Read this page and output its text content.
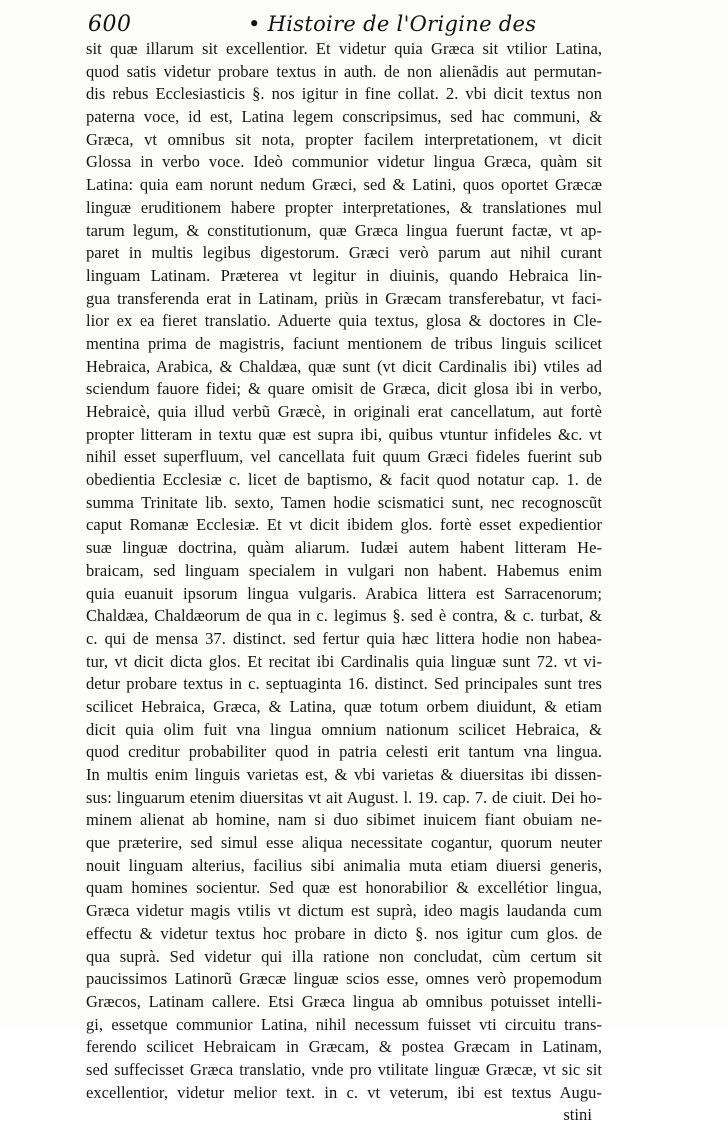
600	• Histoire de l'Origine des
sit quæ illarum sit excellentior. Et videtur quia Græca sit vtilior Latina,
quod satis videtur probare textus in auth. de non alienãdis aut permutan-
dis rebus Ecclesiasticis §. nos igitur in fine collat. 2. vbi dicit textus non
paterna voce, id est, Latina legem conscripsimus, sed hac communi, &
Græca, vt omnibus sit nota, propter facilem interpretationem, vt dicit
Glossa in verbo voce. Ideò communior videtur lingua Græca, quàm sit
Latina: quia eam norunt nedum Græci, sed & Latini, quos oportet Græcæ
linguæ eruditionem habere propter interpretationes, & translationes mul
tarum legum, & constitutionum, quæ Græca lingua fuerunt factæ, vt ap-
paret in multis legibus digestorum. Græci verò parum aut nihil curant
linguam Latinam. Præterea vt legitur in diuinis, quando Hebraica lin-
gua transferenda erat in Latinam, priùs in Græcam transferebatur, vt faci-
lior ex ea fieret translatio. Aduerte quia textus, glosa & doctores in Cle-
mentina prima de magistris, faciunt mentionem de tribus linguis scilicet
Hebraica, Arabica, & Chaldæa, quæ sunt (vt dicit Cardinalis ibi) vtiles ad
sciendum fauore fidei; & quare omisit de Græca, dicit glosa ibi in verbo,
Hebraicè, quia illud verbũ Græcè, in originali erat cancellatum, aut fortè
propter litteram in textu quæ est supra ibi, quibus vtuntur infideles &c. vt
nihil esset superfluum, vel cancellata fuit quum Græci fideles fuerint sub
obedientia Ecclesiæ c. licet de baptismo, & facit quod notatur cap. 1. de
summa Trinitate lib. sexto, Tamen hodie scismatici sunt, nec recognoscũt
caput Romanæ Ecclesiæ. Et vt dicit ibidem glos. fortè esset expedientior
suæ linguæ doctrina, quàm aliarum. Iudæi autem habent litteram He-
braicam, sed linguam specialem in vulgari non habent. Habemus enim
quia euanuit ipsorum lingua vulgaris. Arabica littera est Sarracenorum;
Chaldæa, Chaldæorum de qua in c. legimus §. sed è contra, & c. turbat, &
c. qui de mensa 37. distinct. sed fertur quia hæc littera hodie non habea-
tur, vt dicit dicta glos. Et recitat ibi Cardinalis quia linguæ sunt 72. vt vi-
detur probare textus in c. septuaginta 16. distinct. Sed principales sunt tres
scilicet Hebraica, Græca, & Latina, quæ totum orbem diuidunt, & etiam
dicit quia olim fuit vna lingua omnium nationum scilicet Hebraica, &
quod creditur probabiliter quod in patria celesti erit tantum vna lingua.
In multis enim linguis varietas est, & vbi varietas & diuersitas ibi dissen-
sus: linguarum etenim diuersitas vt ait August. l. 19. cap. 7. de ciuit. Dei ho-
minem alienat ab homine, nam si duo sibimet inuicem fiant obuiam ne-
que præterire, sed simul esse aliqua necessitate cogantur, quorum neuter
nouit linguam alterius, facilius sibi animalia muta etiam diuersi generis,
quam homines socientur. Sed quæ est honorabilior & excellétior lingua,
Græca videtur magis vtilis vt dictum est suprà, ideo magis laudanda cum
effectu & videtur textus hoc probare in dicto §. nos igitur cum glos. de
qua suprà. Sed videtur qui illa ratione non concludat, cùm certum sit
paucissimos Latinorũ Græcæ linguæ scios esse, omnes verò propemodum
Græcos, Latinam callere. Etsi Græca lingua ab omnibus potuisset intelli-
gi, essetque communior Latina, nihil necessum fuisset vti circuitu trans-
ferendo scilicet Hebraicam in Græcam, & postea Græcam in Latinam,
sed suffecisset Græca translatio, vnde pro vtilitate linguæ Græcæ, vt sic sit
excellentior, videtur melior text. in c. vt veterum, ibi est textus Augu-
stini
